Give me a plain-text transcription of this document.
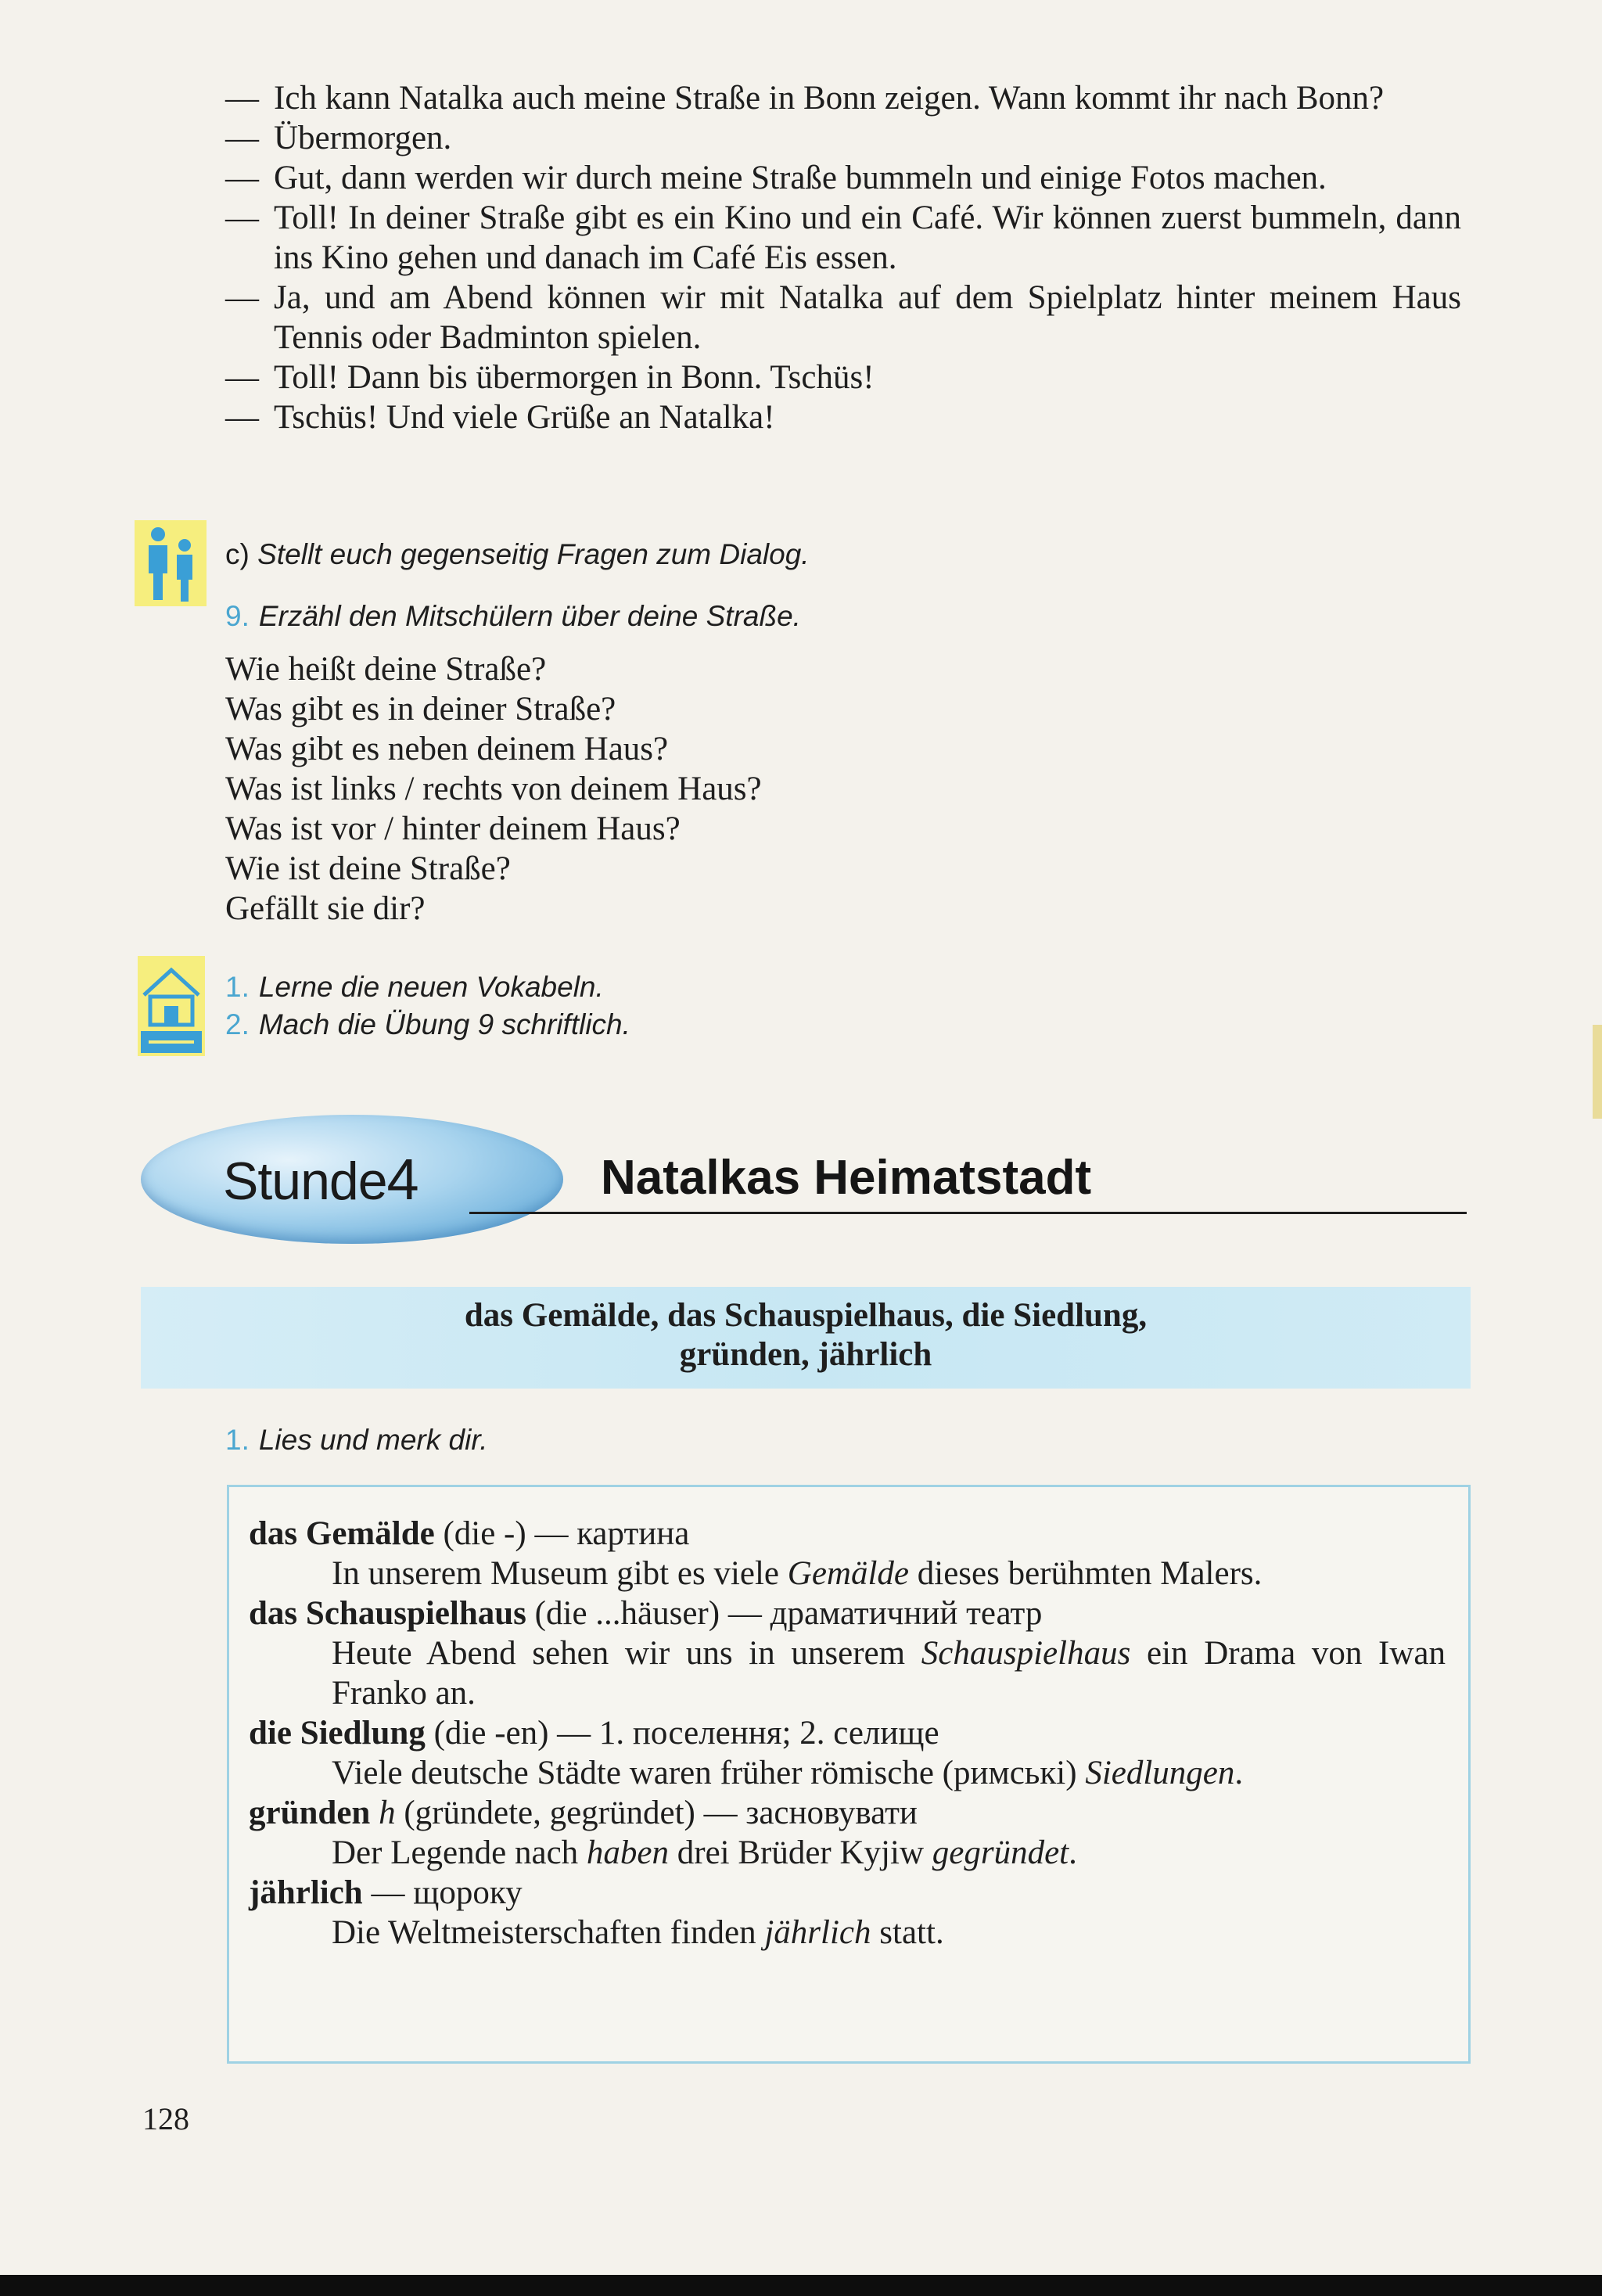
— Ich kann Natalka auch meine Straße in Bonn zeigen. Wann kommt ihr nach Bonn?
— Übermorgen.
— Gut, dann werden wir durch meine Straße bummeln und einige Fotos machen.
— Toll! In deiner Straße gibt es ein Kino und ein Café. Wir können zuerst bummeln, dann ins Kino gehen und danach im Café Eis essen.
— Ja, und am Abend können wir mit Natalka auf dem Spielplatz hinter meinem Haus Tennis oder Badminton spielen.
— Toll! Dann bis übermorgen in Bonn. Tschüs!
— Tschüs! Und viele Grüße an Natalka!
c) Stellt euch gegenseitig Fragen zum Dialog.
9. Erzähl den Mitschülern über deine Straße.
Wie heißt deine Straße?
Was gibt es in deiner Straße?
Was gibt es neben deinem Haus?
Was ist links / rechts von deinem Haus?
Was ist vor / hinter deinem Haus?
Wie ist deine Straße?
Gefällt sie dir?
1. Lerne die neuen Vokabeln.
2. Mach die Übung 9 schriftlich.
Stunde4	Natalkas Heimatstadt
das Gemälde, das Schauspielhaus, die Siedlung,
gründen, jährlich
1. Lies und merk dir.
das Gemälde (die -) — картина
In unserem Museum gibt es viele Gemälde dieses berühmten Malers.
das Schauspielhaus (die ...häuser) — драматичний театр
Heute Abend sehen wir uns in unserem Schauspielhaus ein Drama von Iwan Franko an.
die Siedlung (die -en) — 1. поселення; 2. селище
Viele deutsche Städte waren früher römische (римські) Siedlungen.
gründen h (gründete, gegründet) — засновувати
Der Legende nach haben drei Brüder Kyjiw gegründet.
jährlich — щороку
Die Weltmeisterschaften finden jährlich statt.
128
